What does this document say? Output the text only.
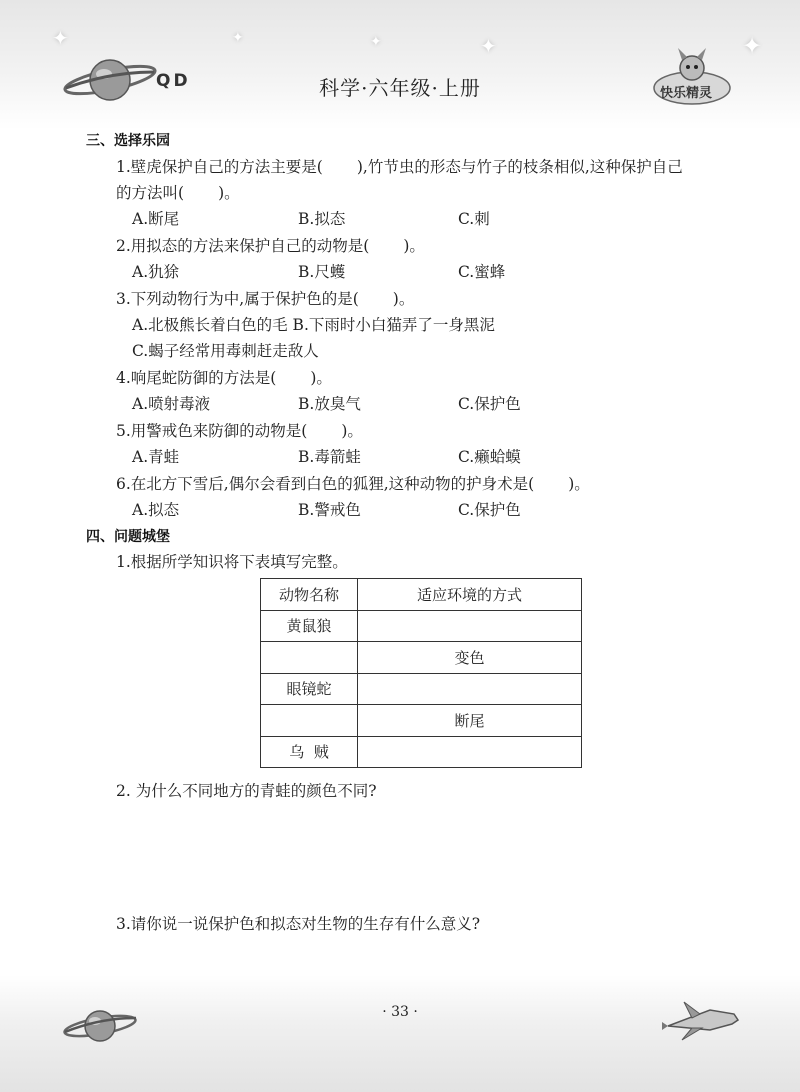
✦	✦	✦	✦	✦
QD	科学·六年级·上册	快乐精灵
三、选择乐园
1.壁虎保护自己的方法主要是( ),竹节虫的形态与竹子的枝条相似,这种保护自己
的方法叫( )。
A.断尾	B.拟态	C.刺
2.用拟态的方法来保护自己的动物是( )。
A.犰狳	B.尺蠖	C.蜜蜂
3.下列动物行为中,属于保护色的是( )。
A.北极熊长着白色的毛 B.下雨时小白猫弄了一身黑泥
C.蝎子经常用毒刺赶走敌人
4.响尾蛇防御的方法是( )。
A.喷射毒液	B.放臭气	C.保护色
5.用警戒色来防御的动物是( )。
A.青蛙	B.毒箭蛙	C.癞蛤蟆
6.在北方下雪后,偶尔会看到白色的狐狸,这种动物的护身术是( )。
A.拟态	B.警戒色	C.保护色
四、问题城堡
1.根据所学知识将下表填写完整。
动物名称	适应环境的方式
黄鼠狼	
	变色
眼镜蛇	
	断尾
乌  贼	
2. 为什么不同地方的青蛙的颜色不同?
3.请你说一说保护色和拟态对生物的生存有什么意义?
· 33 ·
